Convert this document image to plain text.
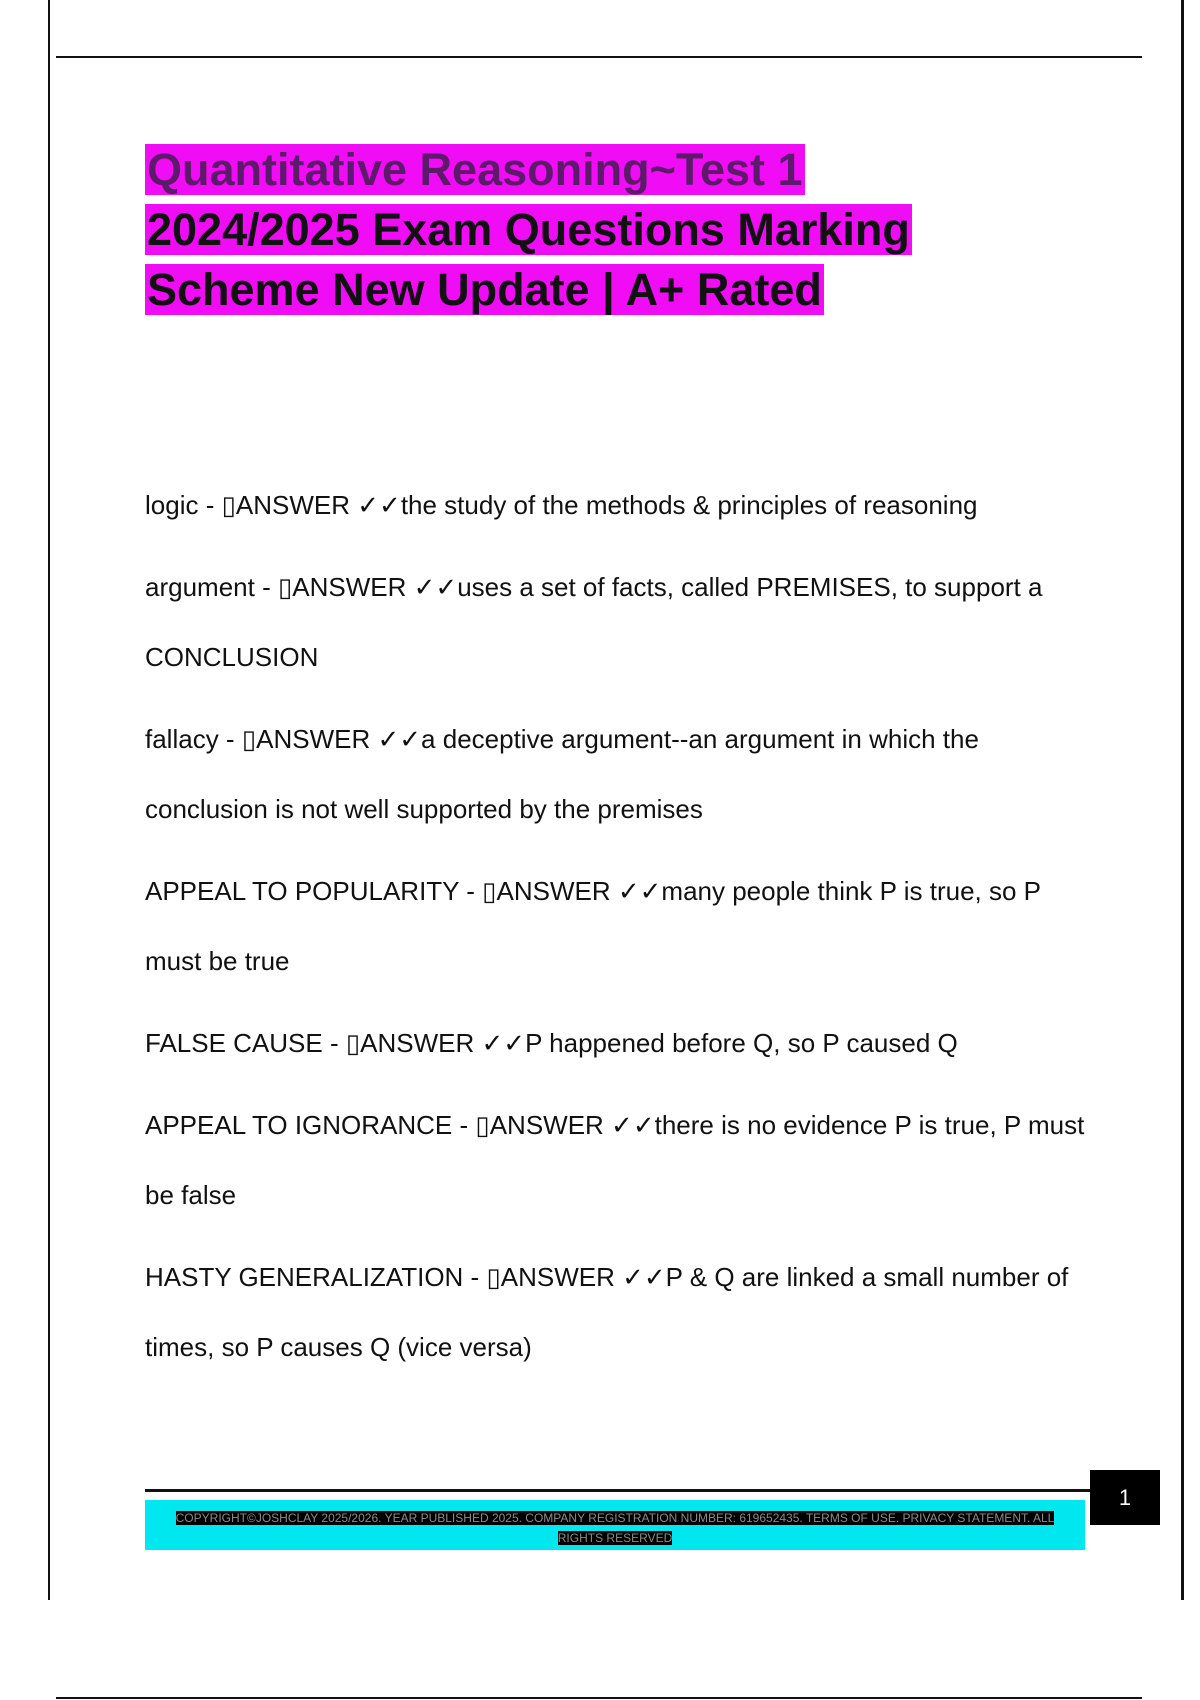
Quantitative Reasoning~Test 1
2024/2025 Exam Questions Marking
Scheme New Update | A+ Rated

logic - ▯ANSWER ✓✓the study of the methods & principles of reasoning

argument - ▯ANSWER ✓✓uses a set of facts, called PREMISES, to support a CONCLUSION

fallacy - ▯ANSWER ✓✓a deceptive argument--an argument in which the conclusion is not well supported by the premises

APPEAL TO POPULARITY - ▯ANSWER ✓✓many people think P is true, so P must be true

FALSE CAUSE - ▯ANSWER ✓✓P happened before Q, so P caused Q

APPEAL TO IGNORANCE - ▯ANSWER ✓✓there is no evidence P is true, P must be false

HASTY GENERALIZATION - ▯ANSWER ✓✓P & Q are linked a small number of times, so P causes Q (vice versa)

1
$_{COPYRIGHT©JOSHCLAY 2025/2026. YEAR PUBLISHED 2025. COMPANY REGISTRATION NUMBER: 619652435. TERMS OF USE. PRIVACY STATEMENT. ALL RIGHTS RESERVED}$
